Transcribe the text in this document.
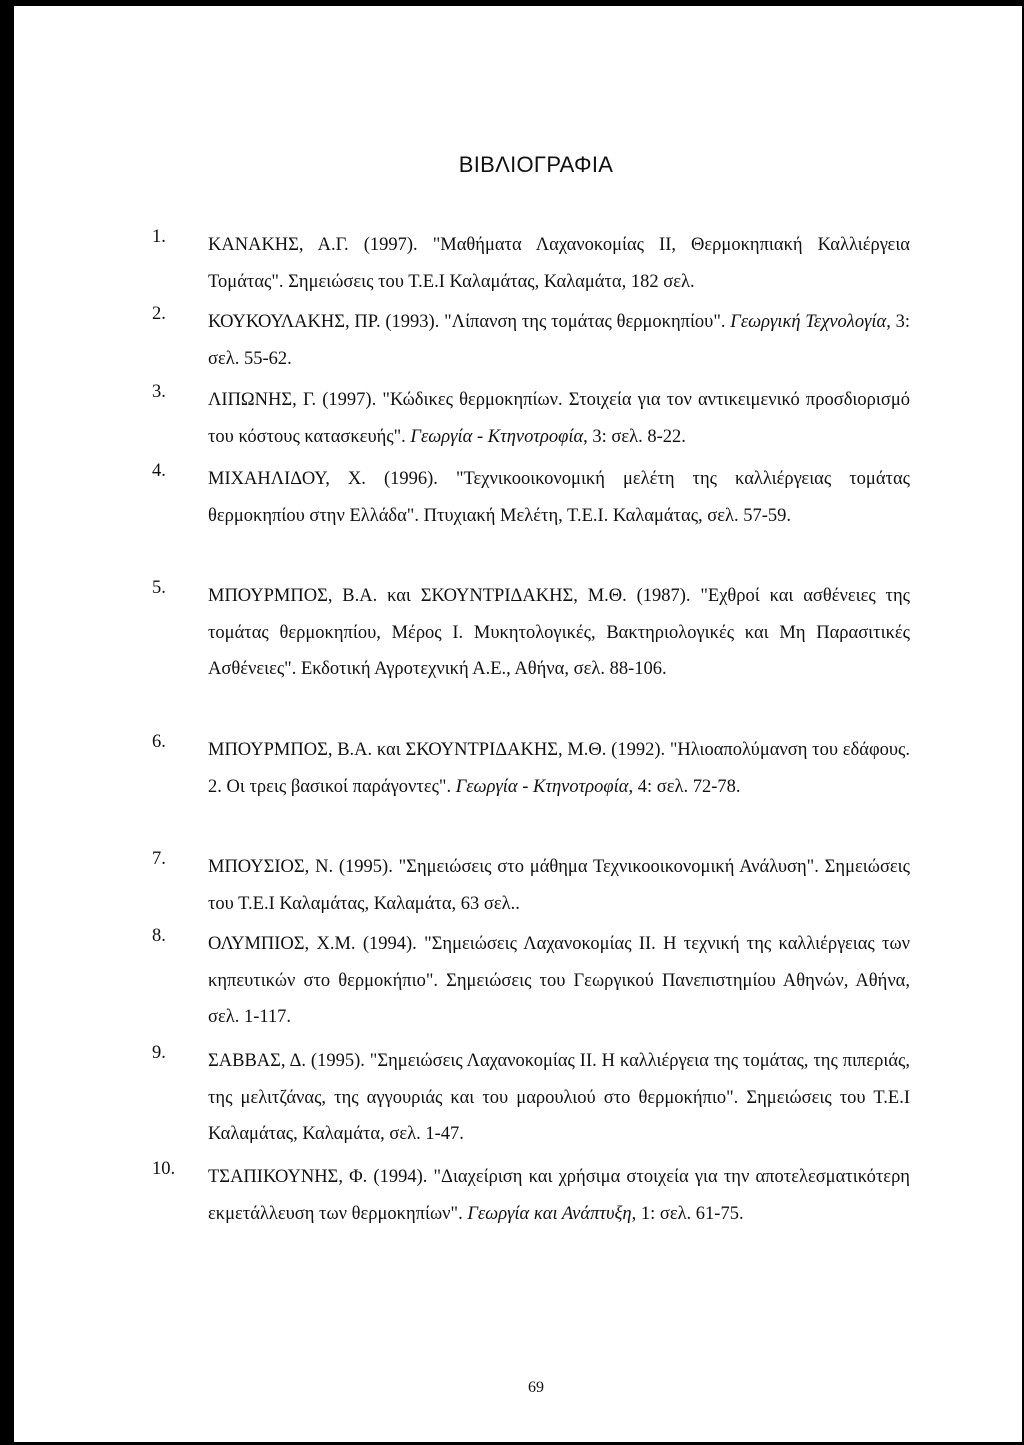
ΒΙΒΛΙΟΓΡΑΦΙΑ
1.	ΚΑΝΑΚΗΣ, Α.Γ. (1997). "Μαθήματα Λαχανοκομίας ΙΙ, Θερμοκηπιακή Καλλιέργεια Τομάτας". Σημειώσεις του Τ.Ε.Ι Καλαμάτας, Καλαμάτα, 182 σελ.
2.	ΚΟΥΚΟΥΛΑΚΗΣ, ΠΡ. (1993). "Λίπανση της τομάτας θερμοκηπίου". Γεωργική Τεχνολογία, 3: σελ. 55-62.
3.	ΛΙΠΩΝΗΣ, Γ. (1997). "Κώδικες θερμοκηπίων. Στοιχεία για τον αντικειμενικό προσδιορισμό του κόστους κατασκευής". Γεωργία - Κτηνοτροφία, 3: σελ. 8-22.
4.	ΜΙΧΑΗΛΙΔΟΥ, Χ. (1996). "Τεχνικοοικονομική μελέτη της καλλιέργειας τομάτας θερμοκηπίου στην Ελλάδα". Πτυχιακή Μελέτη, Τ.Ε.Ι. Καλαμάτας, σελ. 57-59.
5.	ΜΠΟΥΡΜΠΟΣ, Β.Α. και ΣΚΟΥΝΤΡΙΔΑΚΗΣ, Μ.Θ. (1987). "Εχθροί και ασθένειες της τομάτας θερμοκηπίου, Μέρος Ι. Μυκητολογικές, Βακτηριολογικές και Μη Παρασιτικές Ασθένειες". Εκδοτική Αγροτεχνική Α.Ε., Αθήνα, σελ. 88-106.
6.	ΜΠΟΥΡΜΠΟΣ, Β.Α. και ΣΚΟΥΝΤΡΙΔΑΚΗΣ, Μ.Θ. (1992). "Ηλιοαπολύμανση του εδάφους. 2. Οι τρεις βασικοί παράγοντες". Γεωργία - Κτηνοτροφία, 4: σελ. 72-78.
7.	ΜΠΟΥΣΙΟΣ, Ν. (1995). "Σημειώσεις στο μάθημα Τεχνικοοικονομική Ανάλυση". Σημειώσεις του Τ.Ε.Ι Καλαμάτας, Καλαμάτα, 63 σελ..
8.	ΟΛΥΜΠΙΟΣ, Χ.Μ. (1994). "Σημειώσεις Λαχανοκομίας ΙΙ. Η τεχνική της καλλιέργειας των κηπευτικών στο θερμοκήπιο". Σημειώσεις του Γεωργικού Πανεπιστημίου Αθηνών, Αθήνα, σελ. 1-117.
9.	ΣΑΒΒΑΣ, Δ. (1995). "Σημειώσεις Λαχανοκομίας ΙΙ. Η καλλιέργεια της τομάτας, της πιπεριάς, της μελιτζάνας, της αγγουριάς και του μαρουλιού στο θερμοκήπιο". Σημειώσεις του Τ.Ε.Ι Καλαμάτας, Καλαμάτα, σελ. 1-47.
10.	ΤΣΑΠΙΚΟΥΝΗΣ, Φ. (1994). "Διαχείριση και χρήσιμα στοιχεία για την αποτελεσματικότερη εκμετάλλευση των θερμοκηπίων". Γεωργία και Ανάπτυξη, 1: σελ. 61-75.
69
